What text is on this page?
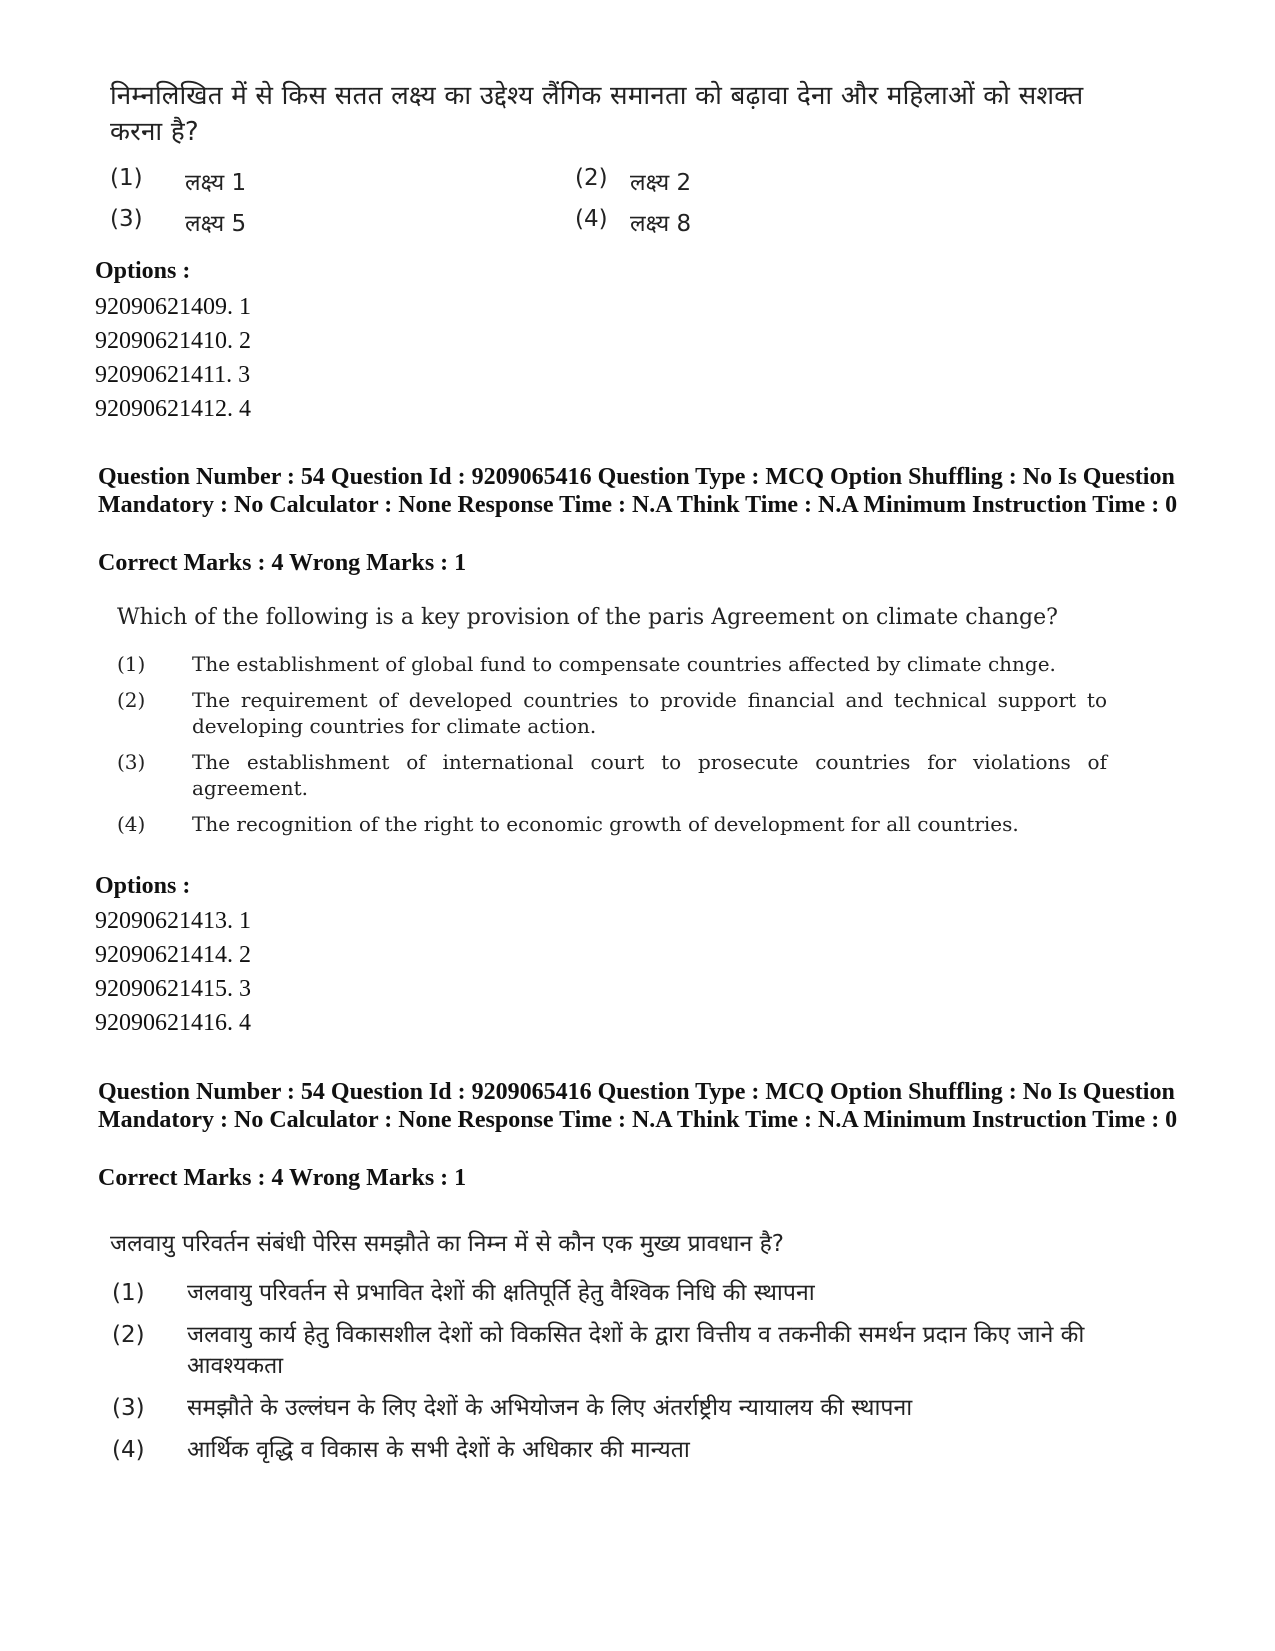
निम्नलिखित में से किस सतत लक्ष्य का उद्देश्य लैंगिक समानता को बढ़ावा देना और महिलाओं को सशक्त करना है?
(1) लक्ष्य 1	(2) लक्ष्य 2
(3) लक्ष्य 5	(4) लक्ष्य 8
Options :
92090621409. 1
92090621410. 2
92090621411. 3
92090621412. 4
Question Number : 54 Question Id : 9209065416 Question Type : MCQ Option Shuffling : No Is Question Mandatory : No Calculator : None Response Time : N.A Think Time : N.A Minimum Instruction Time : 0
Correct Marks : 4 Wrong Marks : 1
Which of the following is a key provision of the paris Agreement on climate change?
(1) The establishment of global fund to compensate countries affected by climate chnge.
(2) The requirement of developed countries to provide financial and technical support to developing countries for climate action.
(3) The establishment of international court to prosecute countries for violations of agreement.
(4) The recognition of the right to economic growth of development for all countries.
Options :
92090621413. 1
92090621414. 2
92090621415. 3
92090621416. 4
Question Number : 54 Question Id : 9209065416 Question Type : MCQ Option Shuffling : No Is Question Mandatory : No Calculator : None Response Time : N.A Think Time : N.A Minimum Instruction Time : 0
Correct Marks : 4 Wrong Marks : 1
जलवायु परिवर्तन संबंधी पेरिस समझौते का निम्न में से कौन एक मुख्य प्रावधान है?
(1) जलवायु परिवर्तन से प्रभावित देशों की क्षतिपूर्ति हेतु वैश्विक निधि की स्थापना
(2) जलवायु कार्य हेतु विकासशील देशों को विकसित देशों के द्वारा वित्तीय व तकनीकी समर्थन प्रदान किए जाने की आवश्यकता
(3) समझौते के उल्लंघन के लिए देशों के अभियोजन के लिए अंतर्राष्ट्रीय न्यायालय की स्थापना
(4) आर्थिक वृद्धि व विकास के सभी देशों के अधिकार की मान्यता
